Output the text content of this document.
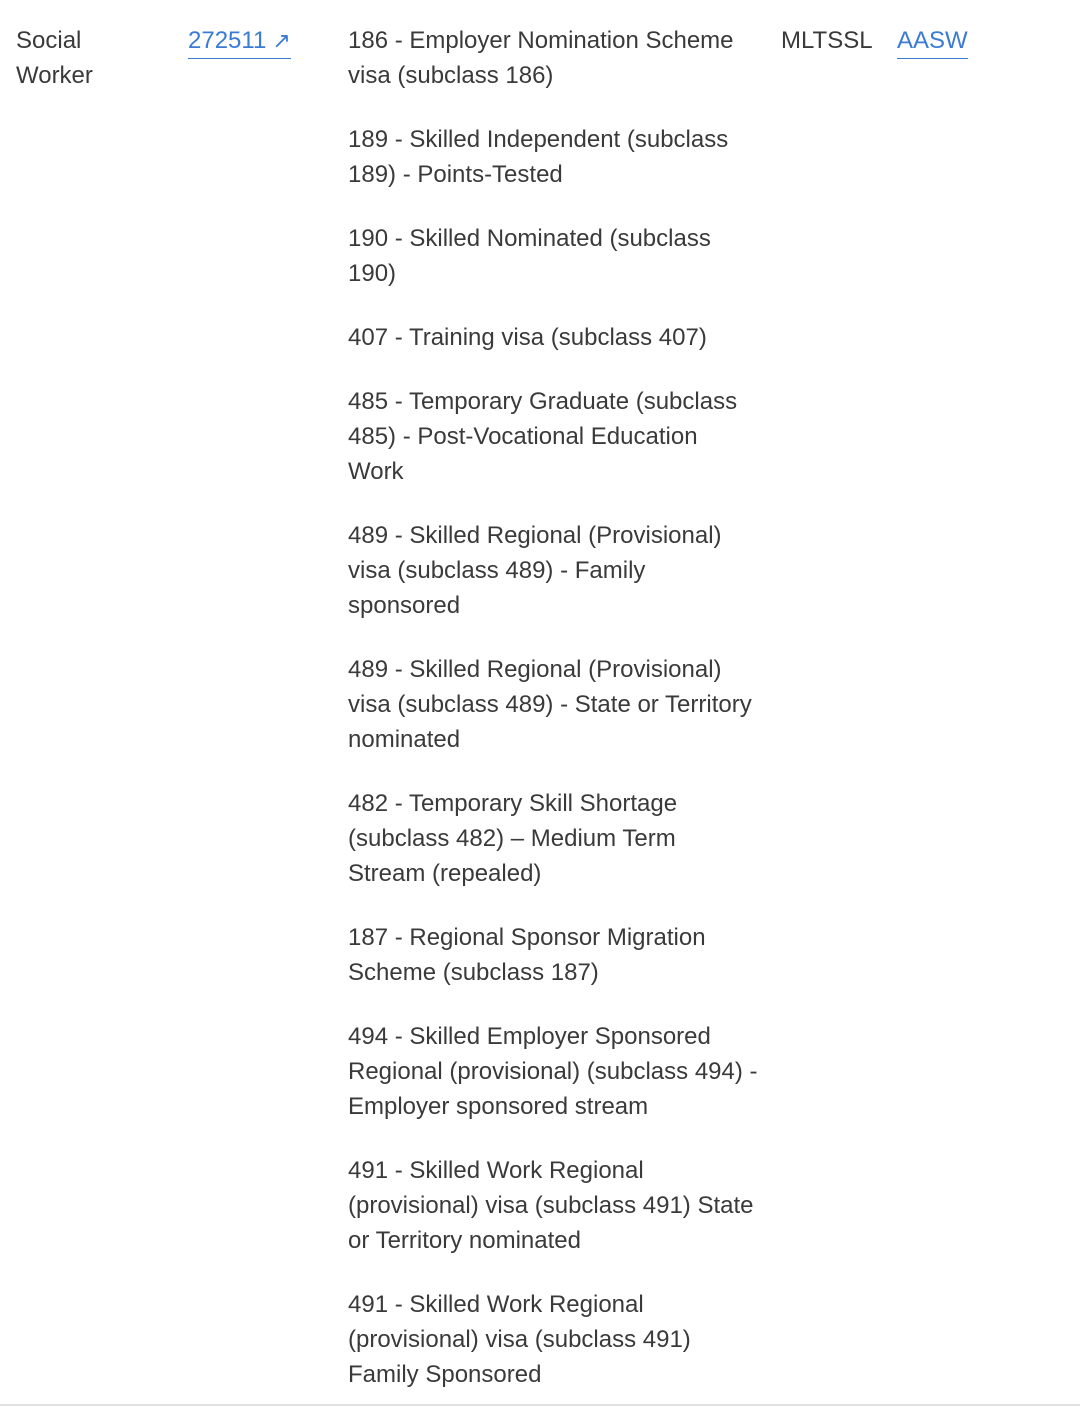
Social Worker
272511 ↗ 186 - Employer Nomination Scheme visa (subclass 186)
189 - Skilled Independent (subclass 189) - Points-Tested
190 - Skilled Nominated (subclass 190)
407 - Training visa (subclass 407)
485 - Temporary Graduate (subclass 485) - Post-Vocational Education Work
489 - Skilled Regional (Provisional) visa (subclass 489) - Family sponsored
489 - Skilled Regional (Provisional) visa (subclass 489) - State or Territory nominated
482 - Temporary Skill Shortage (subclass 482) – Medium Term Stream (repealed)
187 - Regional Sponsor Migration Scheme (subclass 187)
494 - Skilled Employer Sponsored Regional (provisional) (subclass 494) - Employer sponsored stream
491 - Skilled Work Regional (provisional) visa (subclass 491) State or Territory nominated
491 - Skilled Work Regional (provisional) visa (subclass 491) Family Sponsored
MLTSSL AASW
